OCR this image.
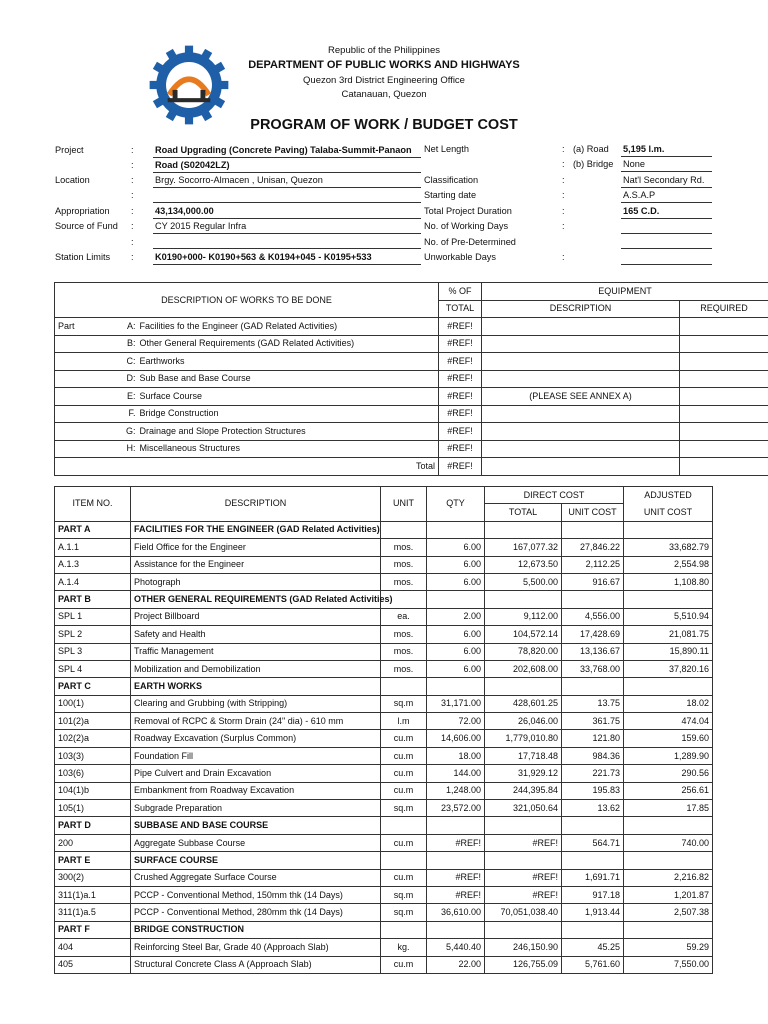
Republic of the Philippines
DEPARTMENT OF PUBLIC WORKS AND HIGHWAYS
Quezon 3rd District Engineering Office
Catanauan, Quezon
PROGRAM OF WORK / BUDGET COST
Project	: Road Upgrading (Concrete Paving) Talaba-Summit-Panaon
: Road (S02042LZ)
Location	: Brgy. Socorro-Almacen , Unisan, Quezon
:
Appropriation : 43,134,000.00
Source of Fund : CY 2015 Regular Infra
:
Station Limits : K0190+000- K0190+563 & K0194+045 - K0195+533
Net Length	: (a) Road 5,195 l.m.
: (b) Bridge None
Classification	:	Nat'l Secondary Rd.
Starting date	:	A.S.A.P
Total Project Duration	:	165 C.D.
No. of Working Days	:
No. of Pre-Determined
Unworkable Days	:
DESCRIPTION OF WORKS TO BE DONE			% OF	EQUIPMENT	
			TOTAL	DESCRIPTION	REQUIRED
Part	A:	Facilities fo the Engineer (GAD Related Activities)	#REF!		
	B:	Other General Requirements (GAD Related Activities)	#REF!		
	C:	Earthworks	#REF!		
	D:	Sub Base and Base Course	#REF!		
	E:	Surface Course	#REF!	(PLEASE SEE ANNEX A)	
	F.	Bridge Construction	#REF!		
	G:	Drainage and Slope Protection Structures	#REF!		
	H:	Miscellaneous Structures	#REF!		
Total			#REF!		
ITEM NO.	DESCRIPTION	UNIT	QTY	DIRECT COST		ADJUSTED
				TOTAL	UNIT COST	UNIT COST
PART A	FACILITIES FOR THE ENGINEER (GAD Related Activities)					
A.1.1	Field Office for the Engineer	mos.	6.00	167,077.32	27,846.22	33,682.79
A.1.3	Assistance for the Engineer	mos.	6.00	12,673.50	2,112.25	2,554.98
A.1.4	Photograph	mos.	6.00	5,500.00	916.67	1,108.80
PART B	OTHER GENERAL REQUIREMENTS (GAD Related Activities)					
SPL 1	Project Billboard	ea.	2.00	9,112.00	4,556.00	5,510.94
SPL 2	Safety and Health	mos.	6.00	104,572.14	17,428.69	21,081.75
SPL 3	Traffic Management	mos.	6.00	78,820.00	13,136.67	15,890.11
SPL 4	Mobilization and Demobilization	mos.	6.00	202,608.00	33,768.00	37,820.16
PART C	EARTH WORKS					
100(1)	Clearing and Grubbing (with Stripping)	sq.m	31,171.00	428,601.25	13.75	18.02
101(2)a	Removal of RCPC & Storm Drain (24" dia) - 610 mm	l.m	72.00	26,046.00	361.75	474.04
102(2)a	Roadway Excavation (Surplus Common)	cu.m	14,606.00	1,779,010.80	121.80	159.60
103(3)	Foundation Fill	cu.m	18.00	17,718.48	984.36	1,289.90
103(6)	Pipe Culvert and Drain Excavation	cu.m	144.00	31,929.12	221.73	290.56
104(1)b	Embankment from Roadway Excavation	cu.m	1,248.00	244,395.84	195.83	256.61
105(1)	Subgrade Preparation	sq.m	23,572.00	321,050.64	13.62	17.85
PART D	SUBBASE AND BASE COURSE					
200	Aggregate Subbase Course	cu.m	#REF!	#REF!	564.71	740.00
PART E	SURFACE COURSE					
300(2)	Crushed Aggregate Surface Course	cu.m	#REF!	#REF!	1,691.71	2,216.82
311(1)a.1	PCCP - Conventional Method, 150mm thk (14 Days)	sq.m	#REF!	#REF!	917.18	1,201.87
311(1)a.5	PCCP - Conventional Method, 280mm thk (14 Days)	sq.m	36,610.00	70,051,038.40	1,913.44	2,507.38
PART F	BRIDGE CONSTRUCTION					
404	Reinforcing Steel Bar, Grade 40 (Approach Slab)	kg.	5,440.40	246,150.90	45.25	59.29
405	Structural Concrete Class A (Approach Slab)	cu.m	22.00	126,755.09	5,761.60	7,550.00
